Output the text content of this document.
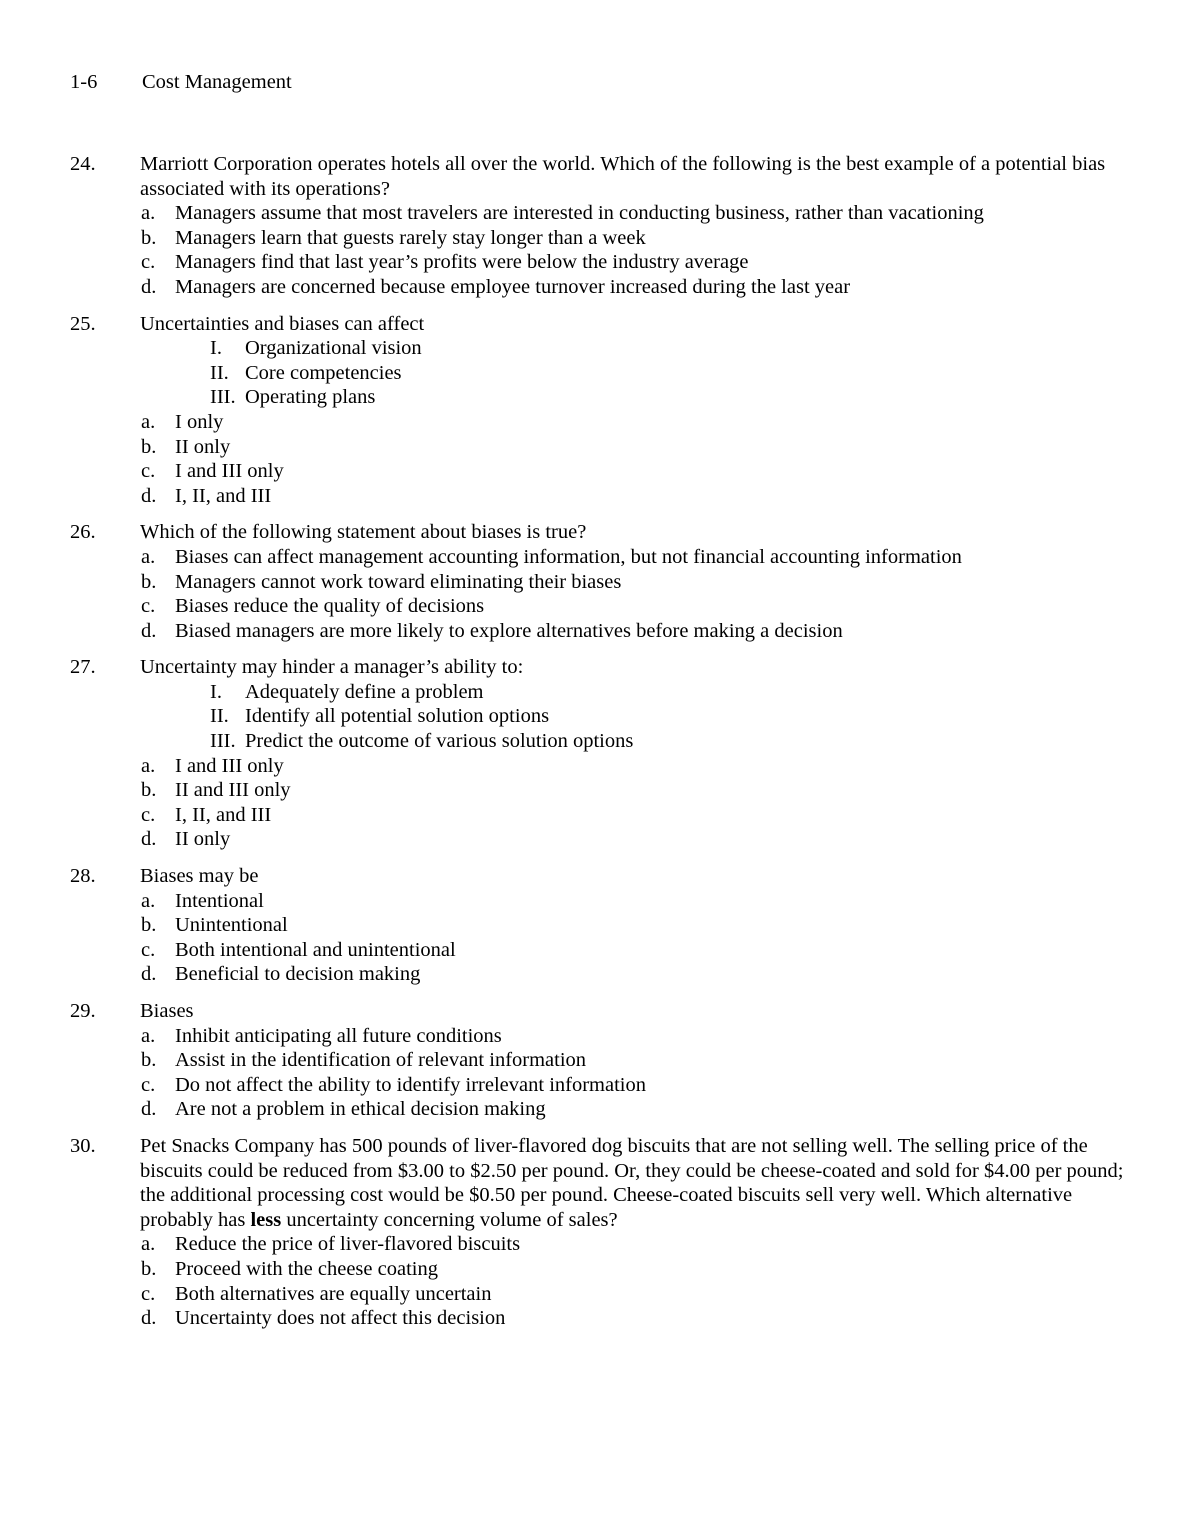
1-6 Cost Management
24. Marriott Corporation operates hotels all over the world. Which of the following is the best example of a potential bias associated with its operations?
a. Managers assume that most travelers are interested in conducting business, rather than vacationing
b. Managers learn that guests rarely stay longer than a week
c. Managers find that last year’s profits were below the industry average
d. Managers are concerned because employee turnover increased during the last year
25. Uncertainties and biases can affect
I.	Organizational vision
II. Core competencies
III. Operating plans
a. I only
b. II only
c. I and III only
d. I, II, and III
26. Which of the following statement about biases is true?
a. Biases can affect management accounting information, but not financial accounting information
b. Managers cannot work toward eliminating their biases
c. Biases reduce the quality of decisions
d. Biased managers are more likely to explore alternatives before making a decision
27. Uncertainty may hinder a manager’s ability to:
I.	Adequately define a problem
II. Identify all potential solution options
III. Predict the outcome of various solution options
a. I and III only
b. II and III only
c. I, II, and III
d. II only
28. Biases may be
a. Intentional
b. Unintentional
c. Both intentional and unintentional
d. Beneficial to decision making
29. Biases
a. Inhibit anticipating all future conditions
b. Assist in the identification of relevant information
c. Do not affect the ability to identify irrelevant information
d. Are not a problem in ethical decision making
30. Pet Snacks Company has 500 pounds of liver-flavored dog biscuits that are not selling well. The selling price of the biscuits could be reduced from $3.00 to $2.50 per pound. Or, they could be cheese-coated and sold for $4.00 per pound; the additional processing cost would be $0.50 per pound. Cheese-coated biscuits sell very well. Which alternative probably has less uncertainty concerning volume of sales?
a. Reduce the price of liver-flavored biscuits
b. Proceed with the cheese coating
c. Both alternatives are equally uncertain
d. Uncertainty does not affect this decision
